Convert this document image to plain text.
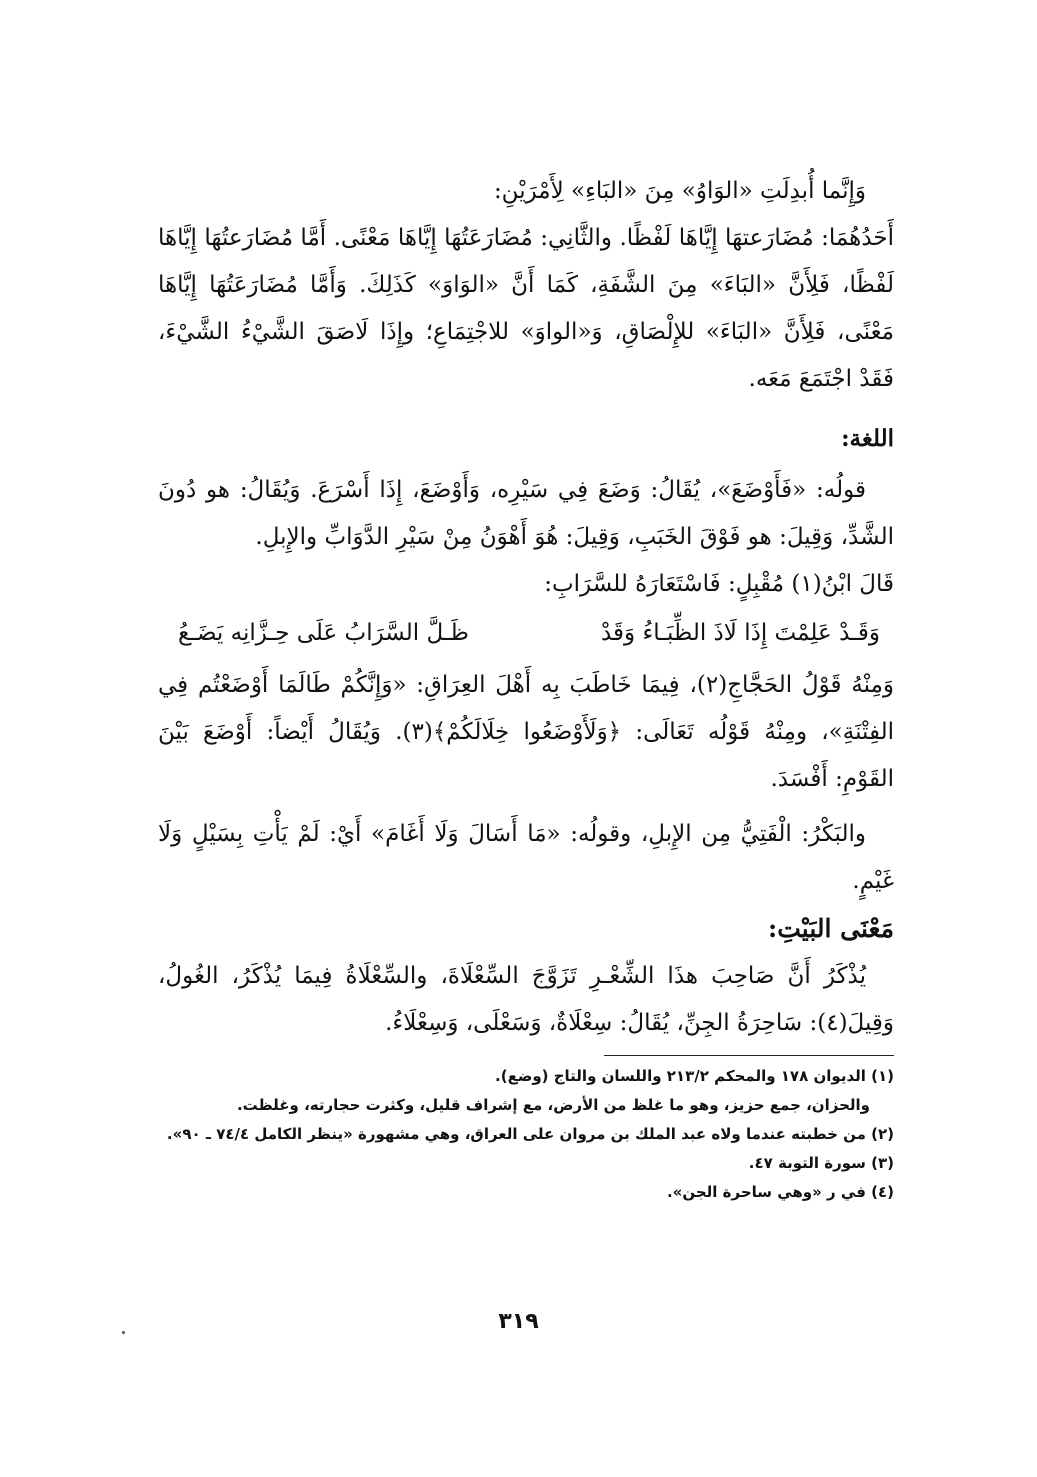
وَإِنَّما أُبدِلَتِ «الوَاوُ» مِنَ «البَاءِ» لِأَمْرَيْنِ:

أَحَدُهُمَا: مُضَارَعتهَا إِيَّاهَا لَفْظًا. والثَّانِي: مُضَارَعَتُهَا إِيَّاهَا مَعْنًى. أَمَّا مُضَارَعتُهَا إِيَّاهَا لَفْظًا، فَلِأَنَّ «البَاءَ» مِنَ الشَّفَةِ، كَمَا أَنَّ «الوَاوَ» كَذَلِكَ. وَأَمَّا مُضَارَعَتُهَا إِيَّاهَا مَعْنًى، فَلِأَنَّ «البَاءَ» للإِلْصَاقِ، وَ«الواوَ» للاجْتِمَاعِ؛ وإِذَا لَاصَقَ الشَّيْءُ الشَّيْءَ، فَقَدْ اجْتَمَعَ مَعَه.

اللغة:

قولُه: «فَأَوْضَعَ»، يُقَالُ: وَضَعَ فِي سَيْرِه، وَأَوْضَعَ، إِذَا أَسْرَعَ. وَيُقَالُ: هو دُونَ الشَّدِّ، وَقِيلَ: هو فَوْقَ الخَبَبِ، وَقِيلَ: هُوَ أَهْوَنُ مِنْ سَيْرِ الدَّوَابِّ والإِبلِ.

قَالَ ابْنُ(١) مُقْبِلٍ: فَاسْتَعَارَهُ للسَّرَابِ:

وَقَـدْ عَلِمْتَ إِذَا لَاذَ الظِّبَـاءُ وَقَدْ
ظَـلَّ السَّرَابُ عَلَى حِـزَّانِه يَضَـعُ

وَمِنْهُ قَوْلُ الحَجَّاجِ(٢)، فِيمَا خَاطَبَ بِه أَهْلَ العِرَاقِ: «وَإِنَّكُمْ طَالَمَا أَوْضَعْتُم فِي الفِتْنَةِ»، ومِنْهُ قَوْلُه تَعَالَى: ﴿وَلَأَوْضَعُوا خِلَالَكُمْ﴾(٣). وَيُقَالُ أَيْضاً: أَوْضَعَ بَيْنَ القَوْمِ: أَفْسَدَ.

والبَكْرُ: الْفَتِيُّ مِن الإِبلِ، وقولُه: «مَا أَسَالَ وَلَا أَغَامَ» أَيْ: لَمْ يَأْتِ بِسَيْلٍ وَلَا غَيْمٍ.

مَعْنَى البَيْتِ:

يُذْكَرُ أَنَّ صَاحِبَ هذَا الشِّعْـرِ تَزَوَّجَ السِّعْلَاةَ، والسِّعْلَاةُ فِيمَا يُذْكَرُ، الغُولُ، وَقِيلَ(٤): سَاحِرَةُ الجِنِّ، يُقَالُ: سِعْلَاةٌ، وَسَعْلَى، وَسِعْلَاءُ.

(١) الديوان ١٧٨ والمحكم ٢١٣/٢ واللسان والتاج (وضع).

والحزان، جمع حزيز، وهو ما غلظ من الأرض، مع إشراف قليل، وكثرت حجارته، وغلظت.

(٢) من خطبته عندما ولاه عبد الملك بن مروان على العراق، وهي مشهورة «ينظر الكامل ٧٤/٤ ـ ٩٠».

(٣) سورة التوبة ٤٧.

(٤) في ر «وهي ساحرة الجن».

٣١٩
